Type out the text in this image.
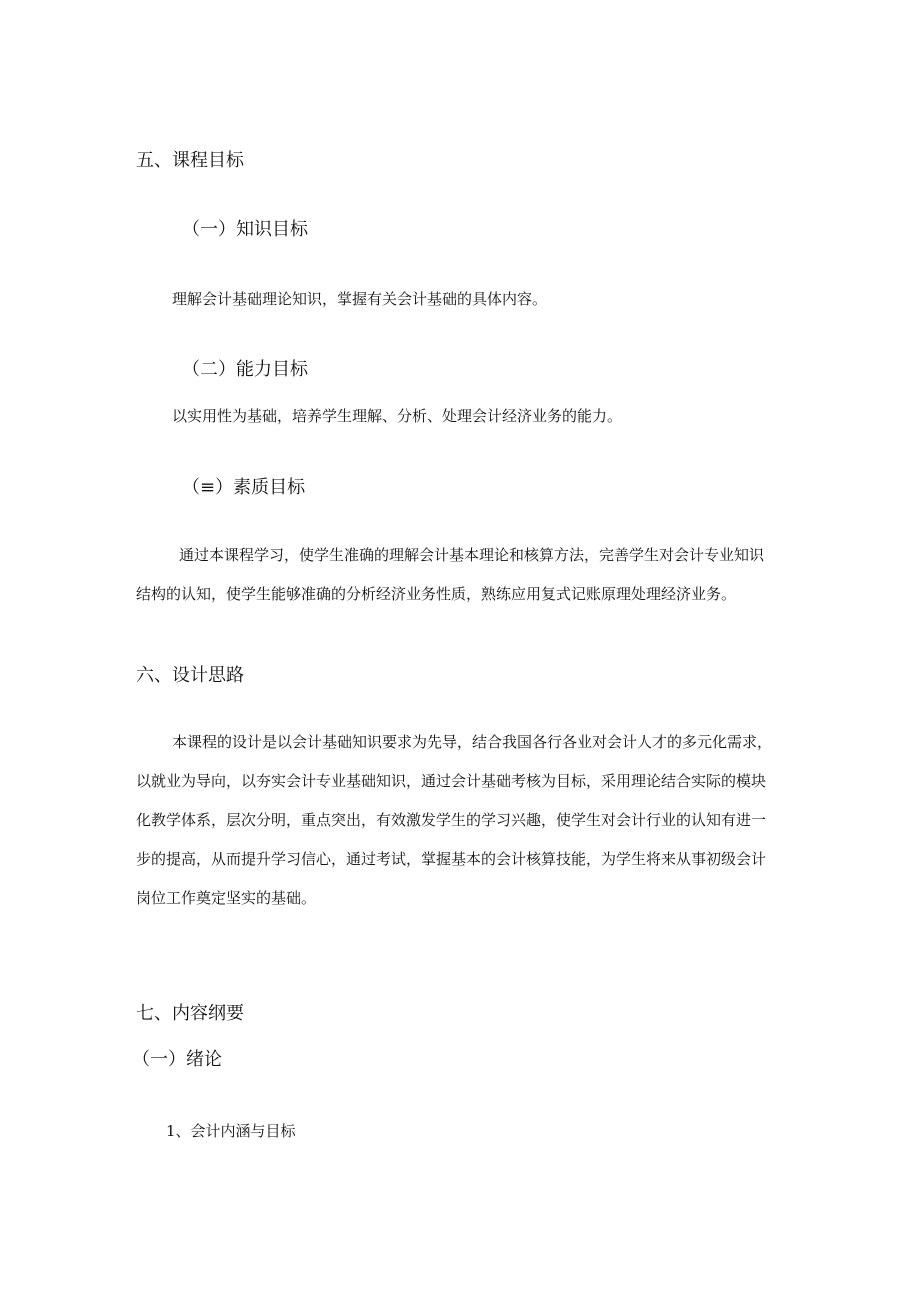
五、课程目标

（一）知识目标

理解会计基础理论知识，掌握有关会计基础的具体内容。

（二）能力目标

以实用性为基础，培养学生理解、分析、处理会计经济业务的能力。

（≡）素质目标

通过本课程学习，使学生准确的理解会计基本理论和核算方法，完善学生对会计专业知识
结构的认知，使学生能够准确的分析经济业务性质，熟练应用复式记账原理处理经济业务。

六、设计思路

本课程的设计是以会计基础知识要求为先导，结合我国各行各业对会计人才的多元化需求，
以就业为导向，以夯实会计专业基础知识，通过会计基础考核为目标，采用理论结合实际的模块
化教学体系，层次分明，重点突出，有效激发学生的学习兴趣，使学生对会计行业的认知有进一
步的提高，从而提升学习信心，通过考试，掌握基本的会计核算技能，为学生将来从事初级会计
岗位工作奠定坚实的基础。

七、内容纲要

（一）绪论

1、会计内涵与目标
